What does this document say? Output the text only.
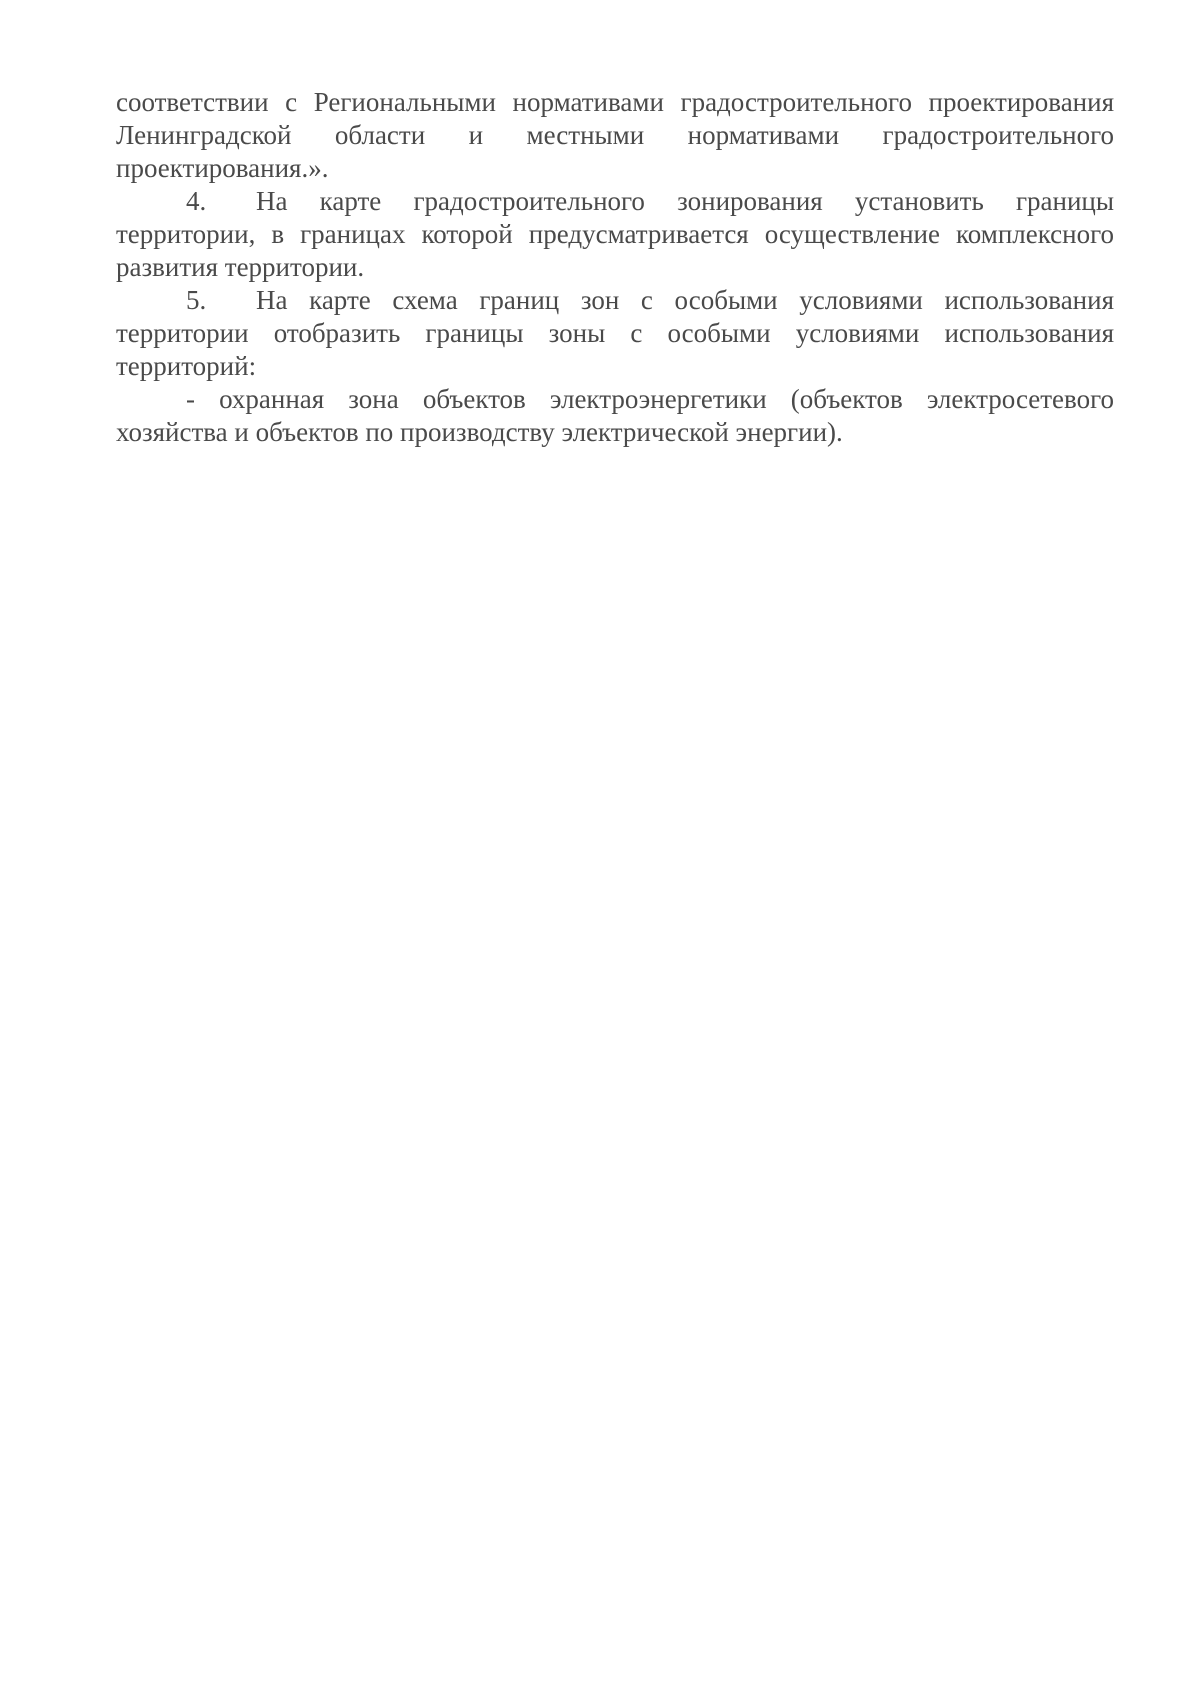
соответствии с Региональными нормативами градостроительного проектирования Ленинградской области и местными нормативами градостроительного проектирования.».

4. На карте градостроительного зонирования установить границы территории, в границах которой предусматривается осуществление комплексного развития территории.

5. На карте схема границ зон с особыми условиями использования территории отобразить границы зоны с особыми условиями использования территорий:

- охранная зона объектов электроэнергетики (объектов электросетевого хозяйства и объектов по производству электрической энергии).
